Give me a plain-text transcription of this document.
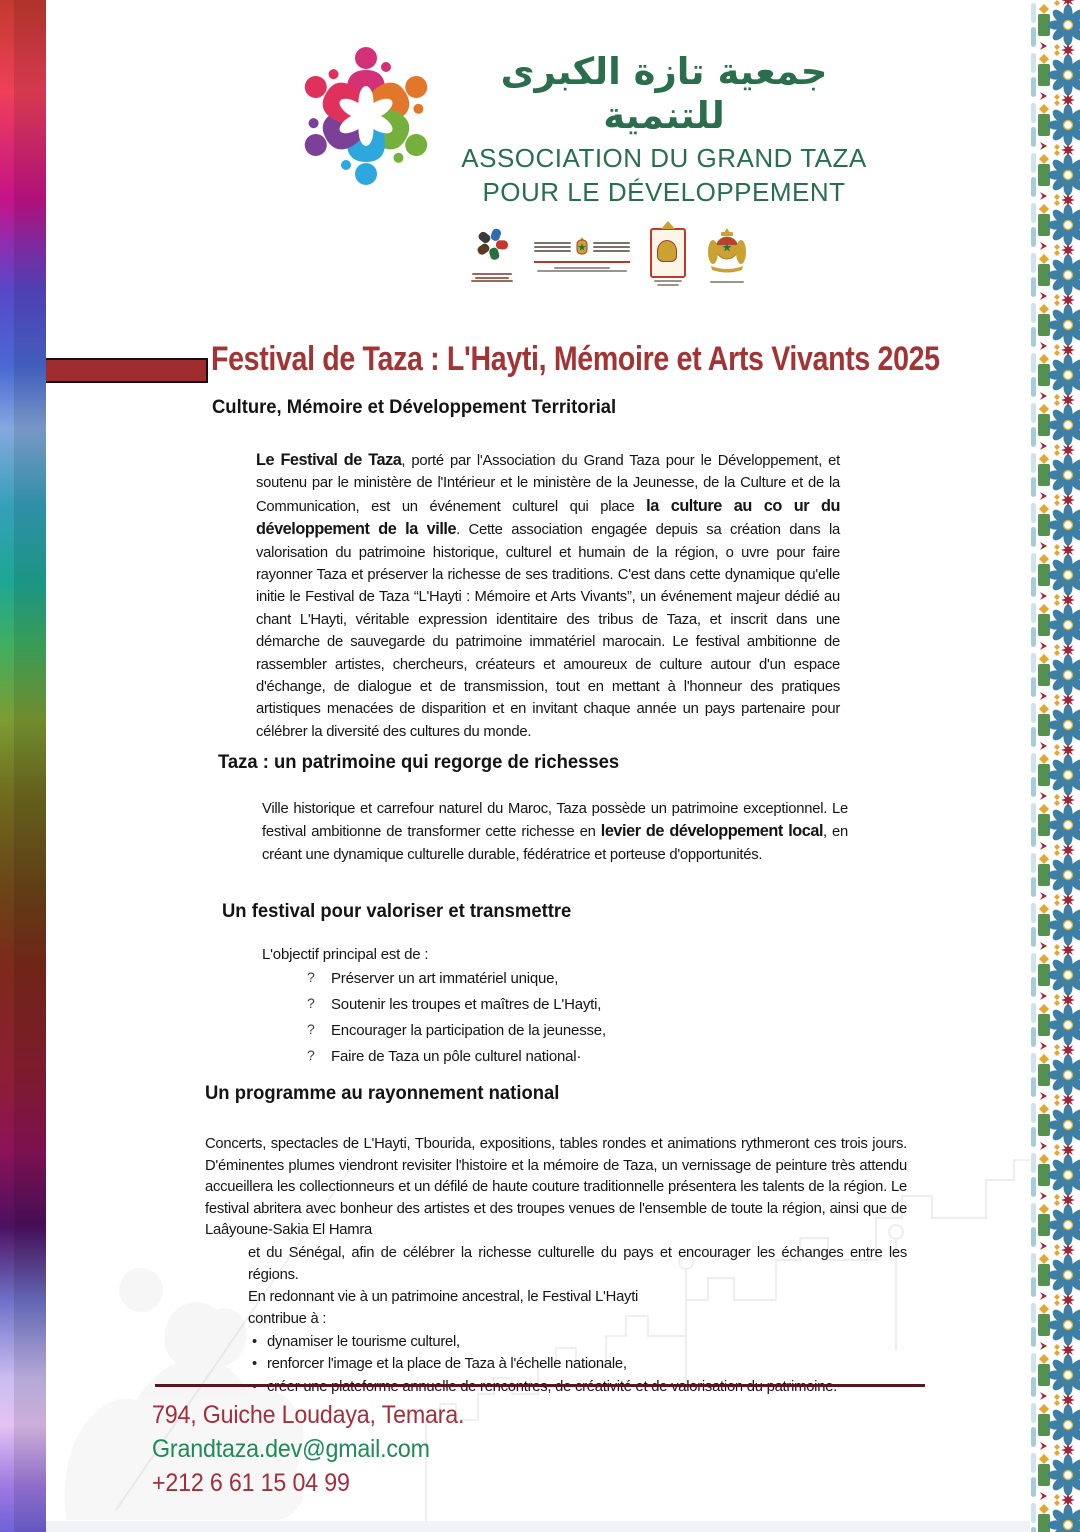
جمعية تازة الكبرى للتنمية
ASSOCIATION DU GRAND TAZA
POUR LE DÉVELOPPEMENT
Festival de Taza : L'Hayti, Mémoire et Arts Vivants 2025
Culture, Mémoire et Développement Territorial
Le Festival de Taza, porté par l'Association du Grand Taza pour le Développement, et soutenu par le ministère de l'Intérieur et le ministère de la Jeunesse, de la Culture et de la Communication, est un événement culturel qui place la culture au co ur du développement de la ville. Cette association engagée depuis sa création dans la valorisation du patrimoine historique, culturel et humain de la région, o uvre pour faire rayonner Taza et préserver la richesse de ses traditions. C'est dans cette dynamique qu'elle initie le Festival de Taza “L'Hayti : Mémoire et Arts Vivants”, un événement majeur dédié au chant L'Hayti, véritable expression identitaire des tribus de Taza, et inscrit dans une démarche de sauvegarde du patrimoine immatériel marocain. Le festival ambitionne de rassembler artistes, chercheurs, créateurs et amoureux de culture autour d'un espace d'échange, de dialogue et de transmission, tout en mettant à l'honneur des pratiques artistiques menacées de disparition et en invitant chaque année un pays partenaire pour célébrer la diversité des cultures du monde.
Taza : un patrimoine qui regorge de richesses
Ville historique et carrefour naturel du Maroc, Taza possède un patrimoine exceptionnel. Le festival ambitionne de transformer cette richesse en levier de développement local, en créant une dynamique culturelle durable, fédératrice et porteuse d'opportunités.
Un festival pour valoriser et transmettre
L'objectif principal est de :
?	Préserver un art immatériel unique,
?	Soutenir les troupes et maîtres de L'Hayti,
?	Encourager la participation de la jeunesse,
?	Faire de Taza un pôle culturel national·
Un programme au rayonnement national
Concerts, spectacles de L'Hayti, Tbourida, expositions, tables rondes et animations rythmeront ces trois jours. D'éminentes plumes viendront revisiter l'histoire et la mémoire de Taza, un vernissage de peinture très attendu accueillera les collectionneurs et un défilé de haute couture traditionnelle présentera les talents de la région. Le festival abritera avec bonheur des artistes et des troupes venues de l'ensemble de toute la région, ainsi que de Laâyoune-Sakia El Hamra
et du Sénégal, afin de célébrer la richesse culturelle du pays et encourager les échanges entre les régions.
En redonnant vie à un patrimoine ancestral, le Festival L'Hayti
contribue à :
• dynamiser le tourisme culturel,
• renforcer l'image et la place de Taza à l'échelle nationale,
794, Guiche Loudaya, Temara.
Grandtaza.dev@gmail.com
+212 6 61 15 04 99
